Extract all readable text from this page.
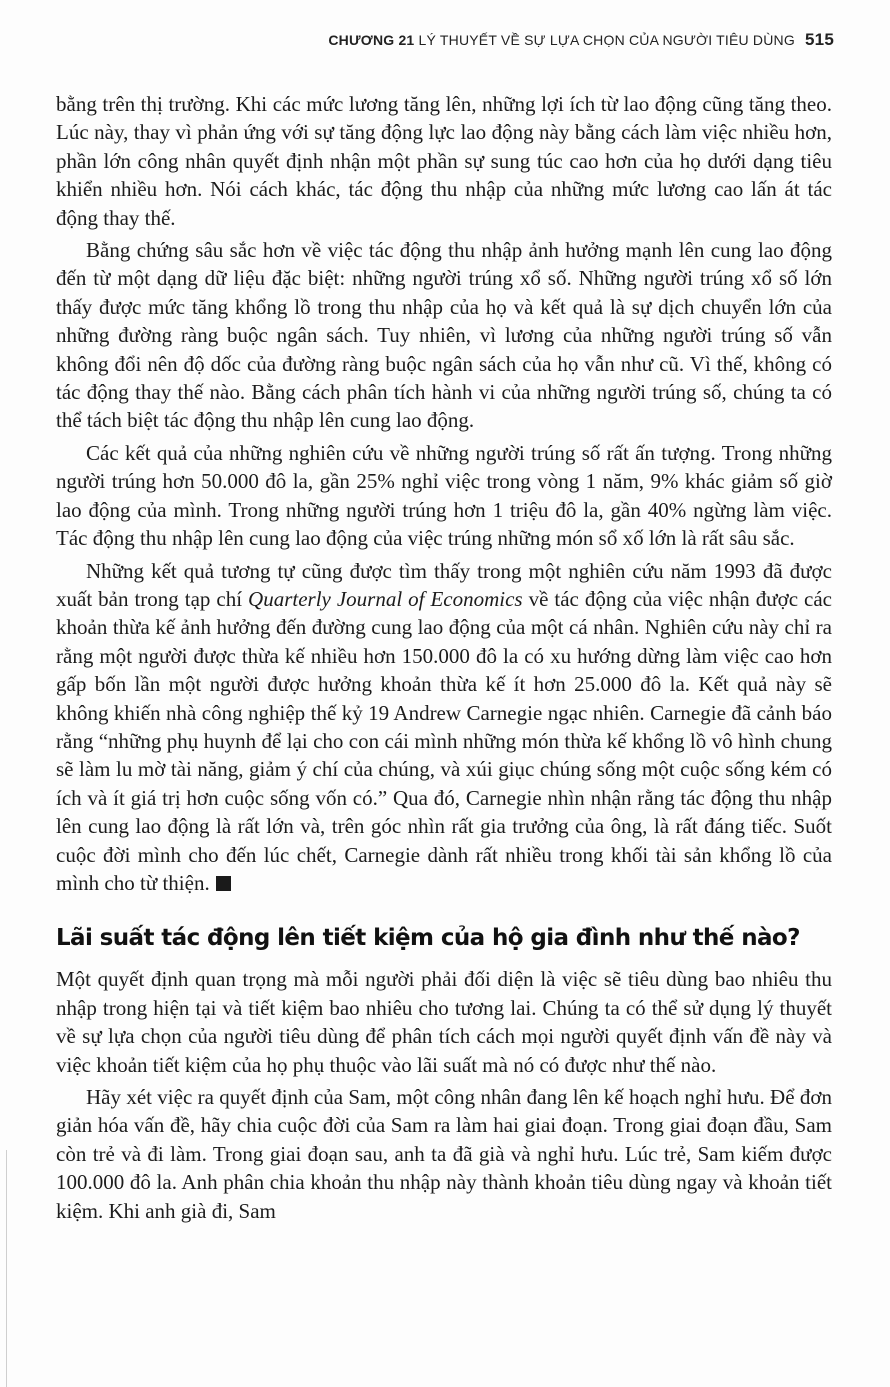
CHƯƠNG 21 LÝ THUYẾT VỀ SỰ LỰA CHỌN CỦA NGƯỜI TIÊU DÙNG 515

bằng trên thị trường. Khi các mức lương tăng lên, những lợi ích từ lao động cũng tăng theo. Lúc này, thay vì phản ứng với sự tăng động lực lao động này bằng cách làm việc nhiều hơn, phần lớn công nhân quyết định nhận một phần sự sung túc cao hơn của họ dưới dạng tiêu khiển nhiều hơn. Nói cách khác, tác động thu nhập của những mức lương cao lấn át tác động thay thế.

Bằng chứng sâu sắc hơn về việc tác động thu nhập ảnh hưởng mạnh lên cung lao động đến từ một dạng dữ liệu đặc biệt: những người trúng xổ số. Những người trúng xổ số lớn thấy được mức tăng khổng lồ trong thu nhập của họ và kết quả là sự dịch chuyển lớn của những đường ràng buộc ngân sách. Tuy nhiên, vì lương của những người trúng số vẫn không đổi nên độ dốc của đường ràng buộc ngân sách của họ vẫn như cũ. Vì thế, không có tác động thay thế nào. Bằng cách phân tích hành vi của những người trúng số, chúng ta có thể tách biệt tác động thu nhập lên cung lao động.

Các kết quả của những nghiên cứu về những người trúng số rất ấn tượng. Trong những người trúng hơn 50.000 đô la, gần 25% nghỉ việc trong vòng 1 năm, 9% khác giảm số giờ lao động của mình. Trong những người trúng hơn 1 triệu đô la, gần 40% ngừng làm việc. Tác động thu nhập lên cung lao động của việc trúng những món sổ xố lớn là rất sâu sắc.

Những kết quả tương tự cũng được tìm thấy trong một nghiên cứu năm 1993 đã được xuất bản trong tạp chí Quarterly Journal of Economics về tác động của việc nhận được các khoản thừa kế ảnh hưởng đến đường cung lao động của một cá nhân. Nghiên cứu này chỉ ra rằng một người được thừa kế nhiều hơn 150.000 đô la có xu hướng dừng làm việc cao hơn gấp bốn lần một người được hưởng khoản thừa kế ít hơn 25.000 đô la. Kết quả này sẽ không khiến nhà công nghiệp thế kỷ 19 Andrew Carnegie ngạc nhiên. Carnegie đã cảnh báo rằng “những phụ huynh để lại cho con cái mình những món thừa kế khổng lồ vô hình chung sẽ làm lu mờ tài năng, giảm ý chí của chúng, và xúi giục chúng sống một cuộc sống kém có ích và ít giá trị hơn cuộc sống vốn có.” Qua đó, Carnegie nhìn nhận rằng tác động thu nhập lên cung lao động là rất lớn và, trên góc nhìn rất gia trưởng của ông, là rất đáng tiếc. Suốt cuộc đời mình cho đến lúc chết, Carnegie dành rất nhiều trong khối tài sản khổng lồ của mình cho từ thiện.

Lãi suất tác động lên tiết kiệm của hộ gia đình như thế nào?

Một quyết định quan trọng mà mỗi người phải đối diện là việc sẽ tiêu dùng bao nhiêu thu nhập trong hiện tại và tiết kiệm bao nhiêu cho tương lai. Chúng ta có thể sử dụng lý thuyết về sự lựa chọn của người tiêu dùng để phân tích cách mọi người quyết định vấn đề này và việc khoản tiết kiệm của họ phụ thuộc vào lãi suất mà nó có được như thế nào.

Hãy xét việc ra quyết định của Sam, một công nhân đang lên kế hoạch nghỉ hưu. Để đơn giản hóa vấn đề, hãy chia cuộc đời của Sam ra làm hai giai đoạn. Trong giai đoạn đầu, Sam còn trẻ và đi làm. Trong giai đoạn sau, anh ta đã già và nghỉ hưu. Lúc trẻ, Sam kiếm được 100.000 đô la. Anh phân chia khoản thu nhập này thành khoản tiêu dùng ngay và khoản tiết kiệm. Khi anh già đi, Sam
